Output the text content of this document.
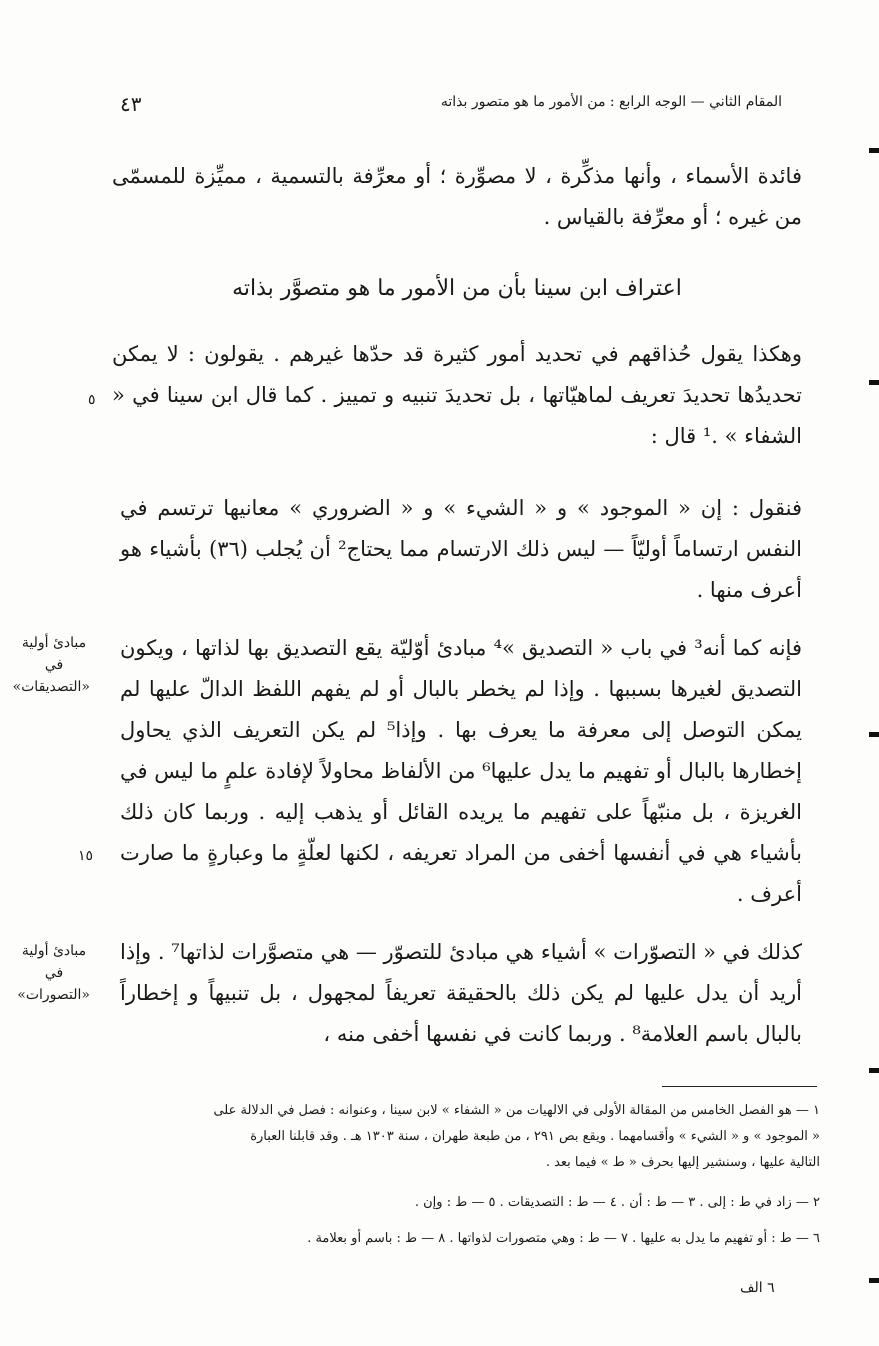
المقام الثاني — الوجه الرابع : من الأمور ما هو متصور بذاته
٤٣
فائدة الأسماء ، وأنها مذكِّرة ، لا مصوِّرة ؛ أو معرِّفة بالتسمية ، مميِّزة للمسمّى من غيره ؛ أو معرِّفة بالقياس .
اعتراف ابن سينا بأن من الأمور ما هو متصوَّر بذاته
وهكذا يقول حُذاقهم في تحديد أمور كثيرة قد حدّها غيرهم . يقولون : لا يمكن تحديدُها تحديدَ تعريف لماهيّاتها ، بل تحديدَ تنبيه و تمييز . كما قال ابن سينا في « الشفاء » .¹ قال :
فنقول : إن « الموجود » و « الشيء » و « الضروري » معانيها ترتسم في النفس ارتساماً أوليّاً — ليس ذلك الارتسام مما يحتاج² أن يُجلب (٣٦) بأشياء هو أعرف منها .
فإنه كما أنه³ في باب « التصديق »⁴ مبادئ أوّليّة يقع التصديق بها لذاتها ، ويكون التصديق لغيرها بسببها . وإذا لم يخطر بالبال أو لم يفهم اللفظ الدالّ عليها لم يمكن التوصل إلى معرفة ما يعرف بها . وإذا⁵ لم يكن التعريف الذي يحاول إخطارها بالبال أو تفهيم ما يدل عليها⁶ من الألفاظ محاولاً لإفادة علمٍ ما ليس في الغريزة ، بل منبّهاً على تفهيم ما يريده القائل أو يذهب إليه . وربما كان ذلك بأشياء هي في أنفسها أخفى من المراد تعريفه ، لكنها لعلّةٍ ما وعبارةٍ ما صارت أعرف .
كذلك في « التصوّرات » أشياء هي مبادئ للتصوّر — هي متصوَّرات لذاتها⁷ . وإذا أريد أن يدل عليها لم يكن ذلك بالحقيقة تعريفاً لمجهول ، بل تنبيهاً و إخطاراً بالبال باسم العلامة⁸ . وربما كانت في نفسها أخفى منه ،
مبادئ أولية في «التصديقات»
مبادئ أولية في «التصورات»
٥
١٥
١ — هو الفصل الخامس من المقالة الأولى في الالهيات من « الشفاء » لابن سينا ، وعنوانه : فصل في الدلالة على
« الموجود » و « الشيء » وأقسامهما . ويقع بص ٢٩١ ، من طبعة طهران ، سنة ١٣٠٣ هـ . وقد قابلنا العبارة
التالية عليها ، وسنشير إليها بحرف « ط » فيما بعد .
٢ — زاد في ط : إلى . ٣ — ط : أن . ٤ — ط : التصديقات . ٥ — ط : وإن .
٦ — ط : أو تفهيم ما يدل به عليها . ٧ — ط : وهي متصورات لذواتها . ٨ — ط : باسم أو بعلامة .
٦ الف
